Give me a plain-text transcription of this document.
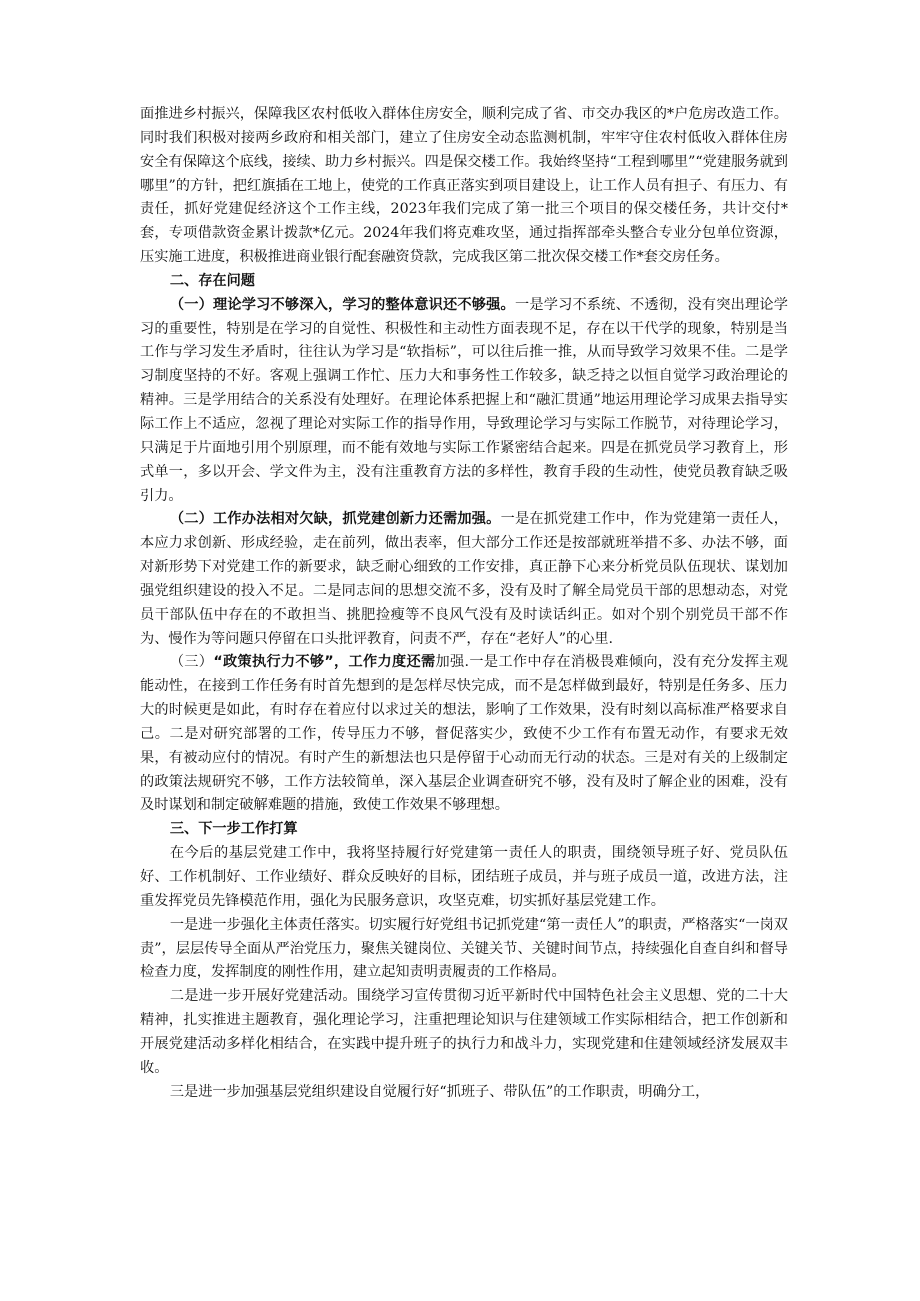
面推进乡村振兴，保障我区农村低收入群体住房安全，顺利完成了省、市交办我区的*户危房改造工作。同时我们积极对接两乡政府和相关部门，建立了住房安全动态监测机制，牢牢守住农村低收入群体住房安全有保障这个底线，接续、助力乡村振兴。四是保交楼工作。我始终坚持“工程到哪里”“党建服务就到哪里”的方针，把红旗插在工地上，使党的工作真正落实到项目建设上，让工作人员有担子、有压力、有责任，抓好党建促经济这个工作主线，2023年我们完成了第一批三个项目的保交楼任务，共计交付*套，专项借款资金累计拨款*亿元。2024年我们将克难攻坚，通过指挥部牵头整合专业分包单位资源，压实施工进度，积极推进商业银行配套融资贷款，完成我区第二批次保交楼工作*套交房任务。

二、存在问题

（一）理论学习不够深入，学习的整体意识还不够强。一是学习不系统、不透彻，没有突出理论学习的重要性，特别是在学习的自觉性、积极性和主动性方面表现不足，存在以干代学的现象，特别是当工作与学习发生矛盾时，往往认为学习是“软指标”，可以往后推一推，从而导致学习效果不佳。二是学习制度坚持的不好。客观上强调工作忙、压力大和事务性工作较多，缺乏持之以恒自觉学习政治理论的精神。三是学用结合的关系没有处理好。在理论体系把握上和“融汇贯通”地运用理论学习成果去指导实际工作上不适应，忽视了理论对实际工作的指导作用，导致理论学习与实际工作脱节，对待理论学习，只满足于片面地引用个别原理，而不能有效地与实际工作紧密结合起来。四是在抓党员学习教育上，形式单一，多以开会、学文件为主，没有注重教育方法的多样性，教育手段的生动性，使党员教育缺乏吸引力。

（二）工作办法相对欠缺，抓党建创新力还需加强。一是在抓党建工作中，作为党建第一责任人，本应力求创新、形成经验，走在前列，做出表率，但大部分工作还是按部就班举措不多、办法不够，面对新形势下对党建工作的新要求，缺乏耐心细致的工作安排，真正静下心来分析党员队伍现状、谋划加强党组织建设的投入不足。二是同志间的思想交流不多，没有及时了解全局党员干部的思想动态，对党员干部队伍中存在的不敢担当、挑肥捡瘦等不良风气没有及时读话纠正。如对个别个别党员干部不作为、慢作为等问题只停留在口头批评教育，问责不严，存在“老好人”的心里.

（三）“政策执行力不够”，工作力度还需加强.一是工作中存在消极畏难倾向，没有充分发挥主观能动性，在接到工作任务有时首先想到的是怎样尽快完成，而不是怎样做到最好，特别是任务多、压力大的时候更是如此，有时存在着应付以求过关的想法，影响了工作效果，没有时刻以高标准严格要求自己。二是对研究部署的工作，传导压力不够，督促落实少，致使不少工作有布置无动作，有要求无效果，有被动应付的情况。有时产生的新想法也只是停留于心动而无行动的状态。三是对有关的上级制定的政策法规研究不够，工作方法较简单，深入基层企业调查研究不够，没有及时了解企业的困难，没有及时谋划和制定破解难题的措施，致使工作效果不够理想。

三、下一步工作打算

在今后的基层党建工作中，我将坚持履行好党建第一责任人的职责，围绕领导班子好、党员队伍好、工作机制好、工作业绩好、群众反映好的目标，团结班子成员，并与班子成员一道，改进方法，注重发挥党员先锋模范作用，强化为民服务意识，攻坚克难，切实抓好基层党建工作。

一是进一步强化主体责任落实。切实履行好党组书记抓党建“第一责任人”的职责，严格落实“一岗双责”，层层传导全面从严治党压力，聚焦关键岗位、关键关节、关键时间节点，持续强化自查自纠和督导检查力度，发挥制度的刚性作用，建立起知责明责履责的工作格局。

二是进一步开展好党建活动。围绕学习宣传贯彻习近平新时代中国特色社会主义思想、党的二十大精神，扎实推进主题教育，强化理论学习，注重把理论知识与住建领域工作实际相结合，把工作创新和开展党建活动多样化相结合，在实践中提升班子的执行力和战斗力，实现党建和住建领域经济发展双丰收。

三是进一步加强基层党组织建设自觉履行好“抓班子、带队伍”的工作职责，明确分工，
